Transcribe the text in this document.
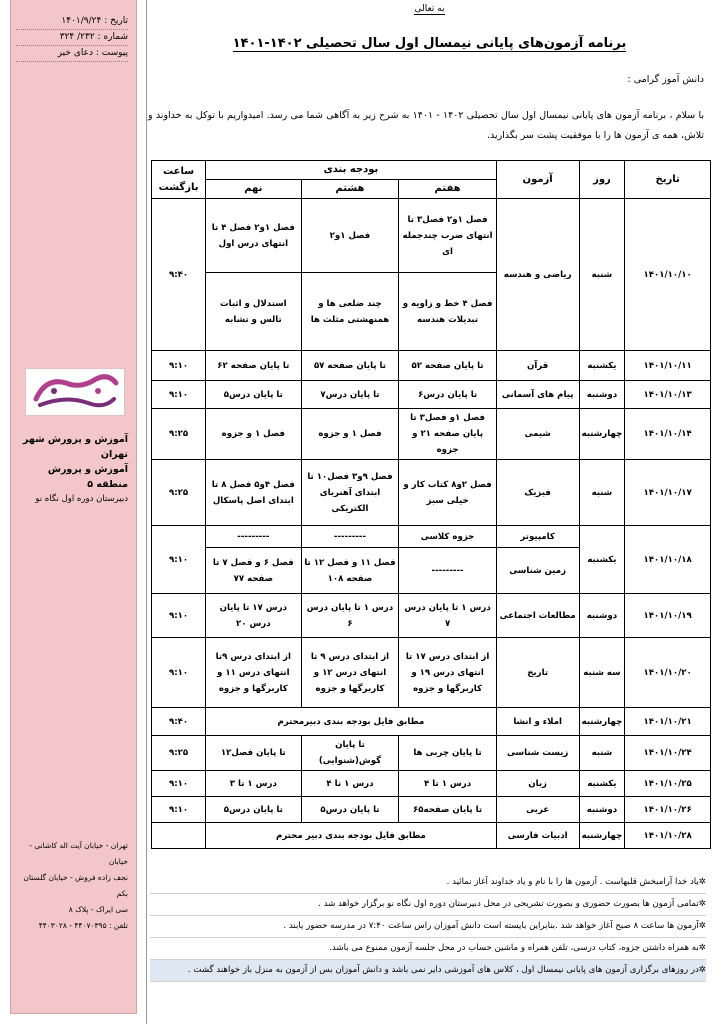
تاریخ : ۱۴۰۱/۹/۲۴
شماره : ۲۳۲/ ۳۲۴
پیوست : دعای خیر
آموزش و پرورش شهر تهران
آموزش و پرورش منطقه ۵
دبیرستان دوره اول نگاه نو
تهران - خیابان آیت اله کاشانی - خیابان
نجف زاده فروش - خیابان گلستان بکم
سی ایراک - پلاک ۸
تلفن : ۴۴۰۷۰۳۹۵ - ۴۴۰۳۰۲۸
به تعالی
برنامه آزمون‌های پایانی نیمسال اول سال تحصیلی ۱۴۰۲-۱۴۰۱
دانش آموز گرامی :
با سلام ، برنامه آزمون های پایانی نیمسال اول سال تحصیلی ۱۴۰۲ - ۱۴۰۱ به شرح زیر به آگاهی شما می رسد. امیدواریم با توکل به خداوند و تلاش، همه ی آزمون ها را با موفقیت پشت سر بگذارید.
تاریخ	روز	آزمون	بودجه بندی			ساعت بازگشت
			هفتم	هشتم	نهم	
۱۴۰۱/۱۰/۱۰	شنبه	ریاضی و هندسه	فصل ۱و۲ فصل۳ تا انتهای ضرب چندجمله ای	فصل ۱و۲	فصل ۱و۲ فصل ۴ تا انتهای درس اول	۹:۴۰
			فصل ۴ خط و زاویه و تبدیلات هندسه	چند ضلعی ها و همنهشتی مثلث ها	استدلال و اثبات تالس و تشابه	
۱۴۰۱/۱۰/۱۱	یکشنبه	قرآن	تا پایان صفحه ۵۲	تا پایان صفحه ۵۷	تا پایان صفحه ۶۲	۹:۱۰
۱۴۰۱/۱۰/۱۳	دوشنبه	پیام های آسمانی	تا پایان درس۶	تا پایان درس۷	تا پایان درس۵	۹:۱۰
۱۴۰۱/۱۰/۱۴	چهارشنبه	شیمی	فصل ۱و فصل۳ تا پایان صفحه ۲۱ و جزوه	فصل ۱ و جزوه	فصل ۱ و جزوه	۹:۲۵
۱۴۰۱/۱۰/۱۷	شنبه	فیزیک	فصل ۲و۸ کتاب کار و خیلی سبز	فصل ۹و۳ فصل۱۰ تا ابتدای آهنربای الکتریکی	فصل ۴و۵ فصل ۸ تا ابتدای اصل پاسکال	۹:۲۵
۱۴۰۱/۱۰/۱۸	یکشنبه	کامپیوتر	جزوه کلاسی	---------	---------	۹:۱۰
		زمین شناسی	---------	فصل ۱۱ و فصل ۱۲ تا صفحه ۱۰۸	فصل ۶ و فصل ۷ تا صفحه ۷۷	
۱۴۰۱/۱۰/۱۹	دوشنبه	مطالعات اجتماعی	درس ۱ تا پایان درس ۷	درس ۱ تا پایان درس ۶	درس ۱۷ تا پایان درس ۲۰	۹:۱۰
۱۴۰۱/۱۰/۲۰	سه شنبه	تاریخ	از ابتدای درس ۱۷ تا انتهای درس ۱۹ و کاربرگها و جزوه	از ابتدای درس ۹ تا انتهای درس ۱۲ و کاربرگها و جزوه	از ابتدای درس ۹تا انتهای درس ۱۱ و کاربرگها و جزوه	۹:۱۰
۱۴۰۱/۱۰/۲۱	چهارشنبه	املاء و انشا	مطابق فایل بودجه بندی دبیرمحترم			۹:۴۰
۱۴۰۱/۱۰/۲۴	شنبه	زیست شناسی	تا پایان چربی ها	تا پایان گوش(شنوایی)	تا پایان فصل۱۲	۹:۲۵
۱۴۰۱/۱۰/۲۵	یکشنبه	زبان	درس ۱ تا ۴	درس ۱ تا ۴	درس ۱ تا ۳	۹:۱۰
۱۴۰۱/۱۰/۲۶	دوشنبه	عربی	تا پایان صفحه۶۵	تا پایان درس۵	تا پایان درس۵	۹:۱۰
۱۴۰۱/۱۰/۲۸	چهارشنبه	ادبیات فارسی	مطابق فایل بودجه بندی دبیر محترم			
✲یاد خدا آرامبخش قلبهاست . آزمون ها را با نام و یاد خداوند آغاز نمائید .
✲تمامی آزمون ها بصورت حضوری و بصورت تشریحی در محل دبیرستان دوره اول نگاه نو برگزار خواهد شد .
✲آزمون ها ساعت ۸ صبح آغاز خواهد شد .بنابراین بایسته است دانش آموزان راس ساعت ۷:۴۰ در مدرسه حضور یابند .
✲به همراه داشتن جزوه، کتاب درسی، تلفن همراه و ماشین حساب در محل جلسه آزمون ممنوع می باشد.
✲در روزهای برگزاری آزمون های پایانی نیمسال اول ، کلاس های آموزشی دایر نمی باشد و دانش آموزان بس از آزمون به منزل باز خواهند گشت .
